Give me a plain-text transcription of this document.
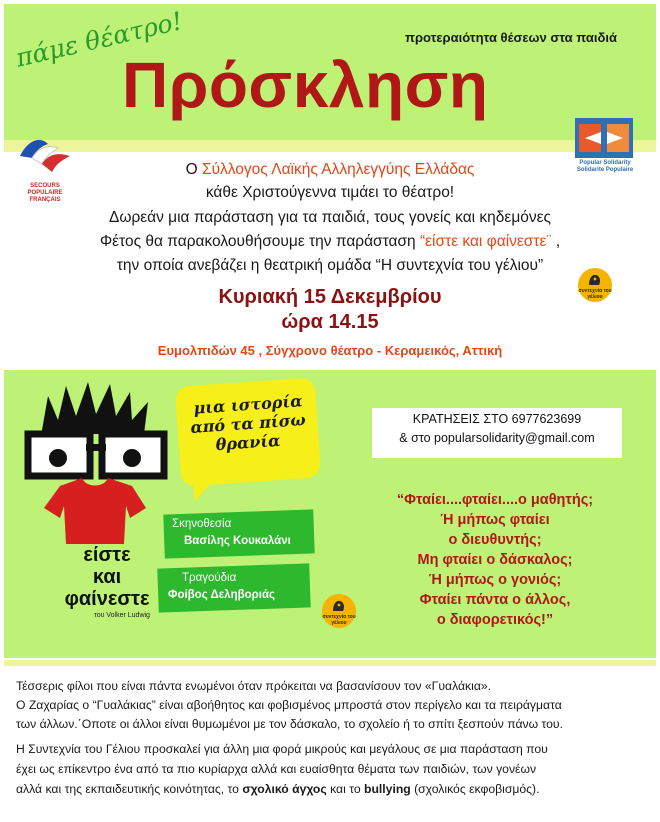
πάμε θέατρο!	προτεραιότητα θέσεων στα παιδιά
Πρόσκληση
SECOURS POPULAIRE FRANÇAIS
Popular Solidarity Solidarite Populaire
Ο Σύλλογος Λαϊκής Αλληλεγγύης Ελλάδας
κάθε Χριστούγεννα τιμάει το θέατρο!
Δωρεάν μια παράσταση για τα παιδιά, τους γονείς και κηδεμόνες
Φέτος θα παρακολουθήσουμε την παράσταση “είστε και φαίνεστε¨ ,
την οποία ανεβάζει η θεατρική ομάδα “Η συντεχνία του γέλιου”
Κυριακή 15 Δεκεμβρίου
ώρα 14.15
Ευμολπιδών 45 , Σύγχρονο θέατρο - Κεραμεικός, Αττική
συντεχνία του γέλιου
είστε
και
φαίνεστε
του Volker Ludwig
μια ιστορία
από τα πίσω
θρανία
ΚΡΑΤΗΣΕΙΣ ΣΤΟ 6977623699
& στο popularsolidarity@gmail.com
Σκηνοθεσία
Βασίλης Κουκαλάνι
Τραγούδια
Φοίβος Δεληβοριάς
συντεχνία του γέλιου
“Φταίει....φταίει....ο μαθητής;
Ή μήπως φταίει
ο διευθυντής;
Μη φταίει ο δάσκαλος;
Ή μήπως ο γονιός;
Φταίει πάντα ο άλλος,
ο διαφορετικός!”
Τέσσερις φίλοι που είναι πάντα ενωμένοι όταν πρόκειται να βασανίσουν τον «Γυαλάκια».
Ο Ζαχαρίας ο “Γυαλάκιας” είναι αβοήθητος και φοβισμένος μπροστά στον περίγελο και τα πειράγματα
των άλλων.΄Οποτε οι άλλοι είναι θυμωμένοι με τον δάσκαλο, το σχολείο ή το σπίτι ξεσπούν πάνω του.
Η Συντεχνία του Γέλιου προσκαλεί για άλλη μια φορά μικρούς και μεγάλους σε μια παράσταση που
έχει ως επίκεντρο ένα από τα πιο κυρίαρχα αλλά και ευαίσθητα θέματα των παιδιών, των γονέων
αλλά και της εκπαιδευτικής κοινότητας, το σχολικό άγχος και το bullying (σχολικός εκφοβισμός).
